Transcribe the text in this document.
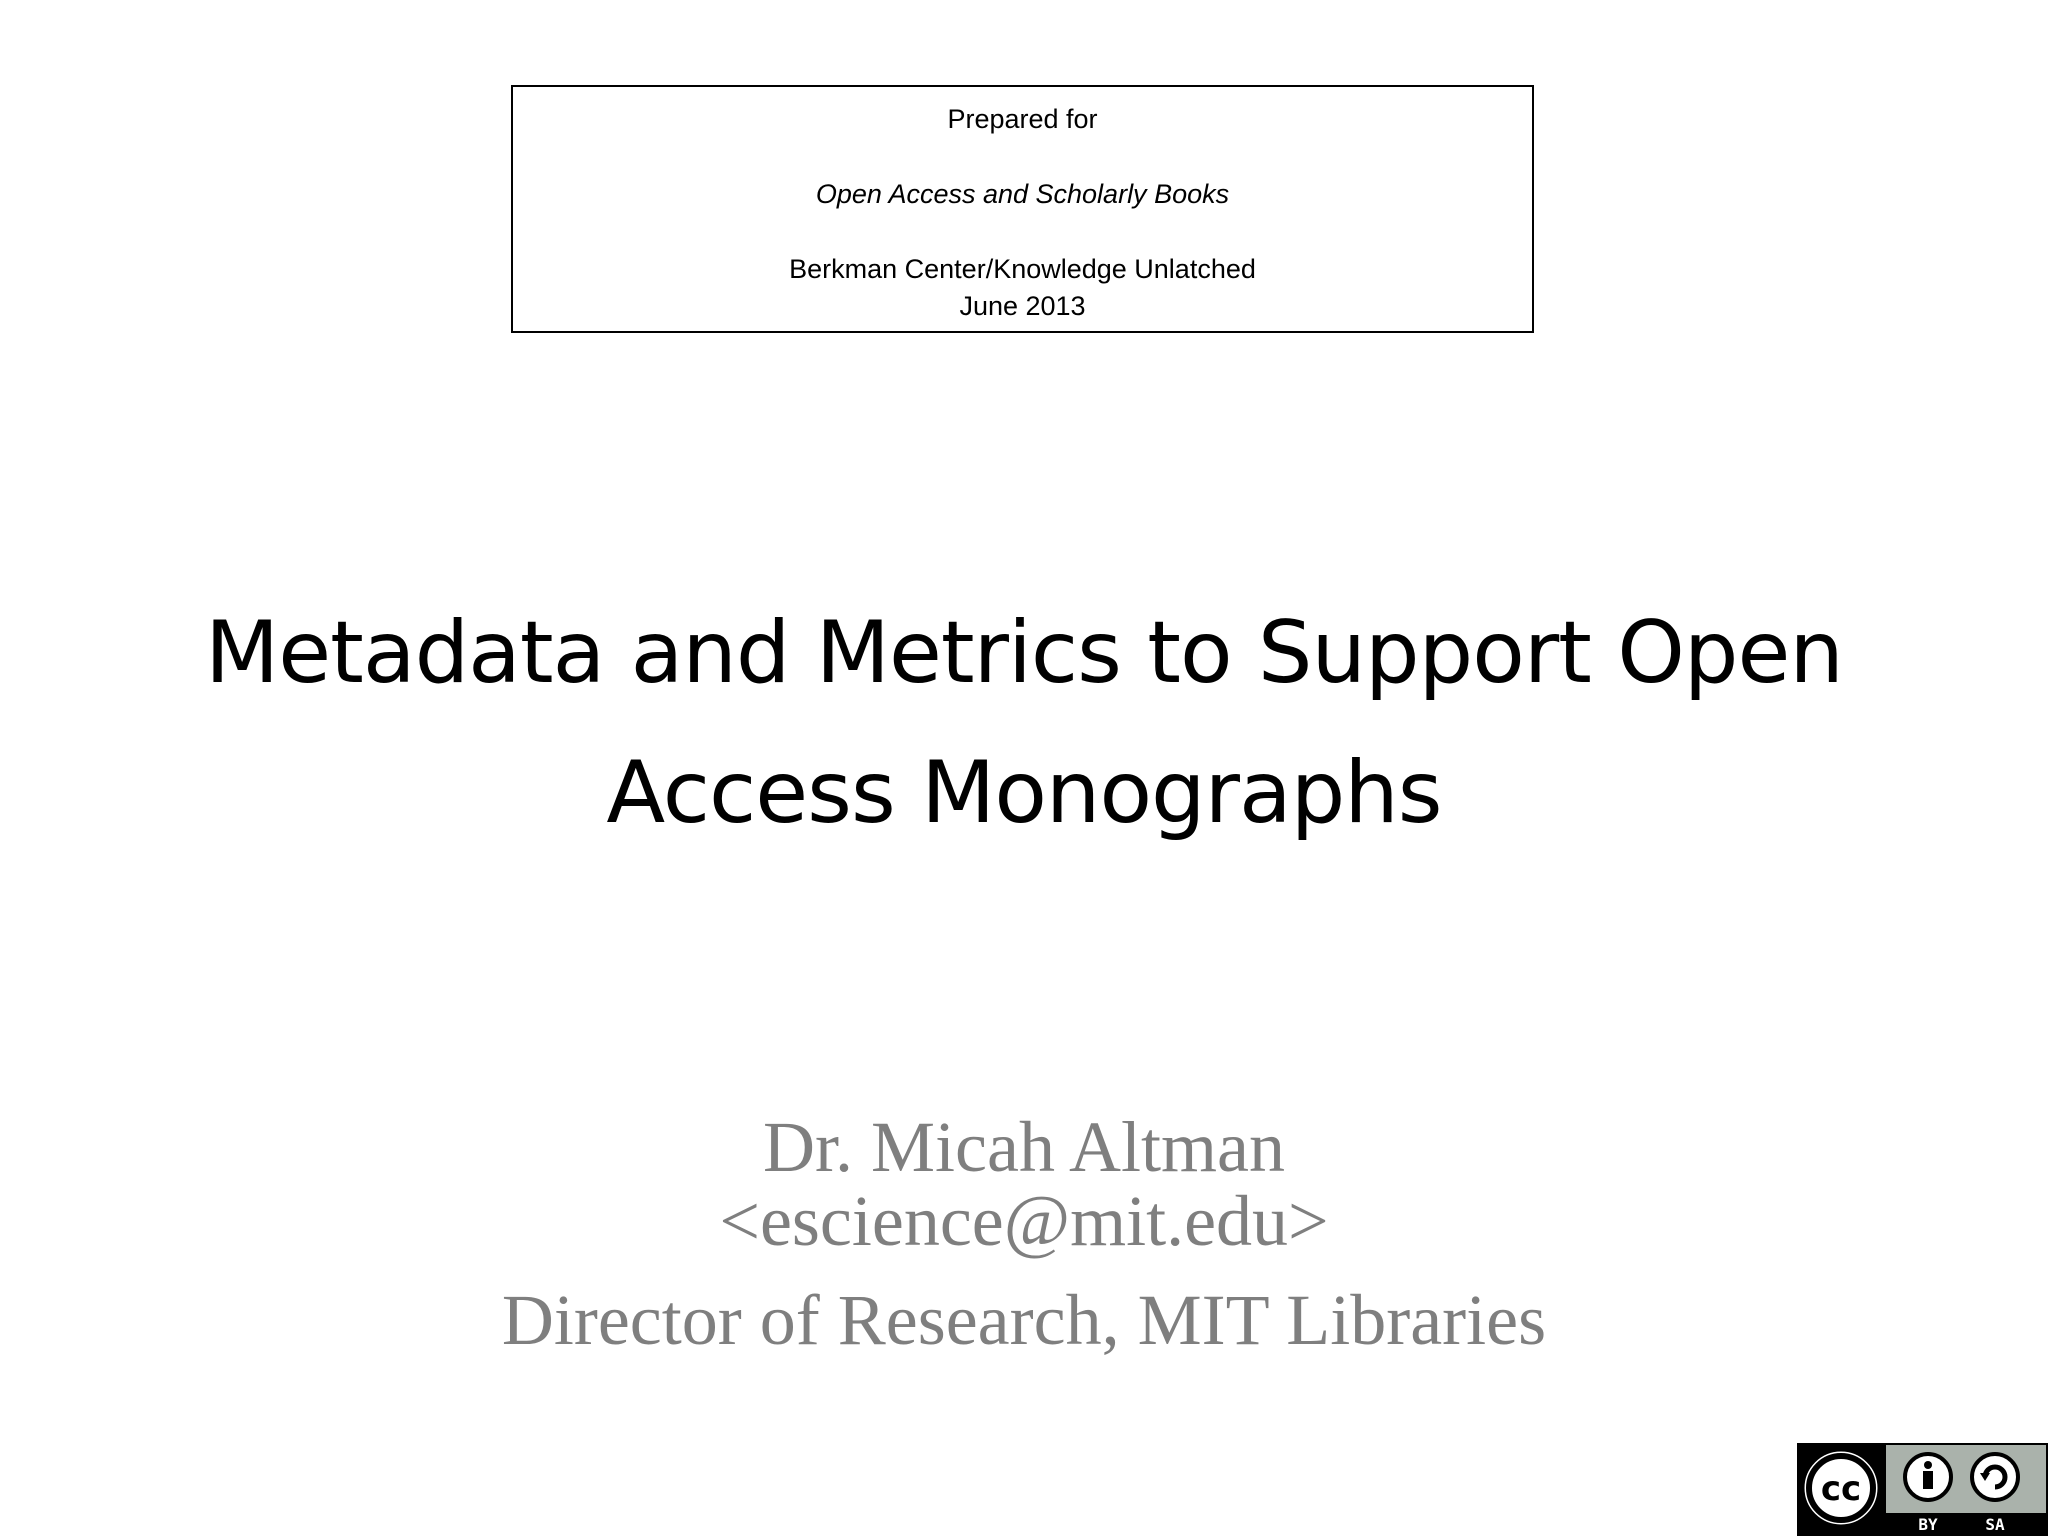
Prepared for
Open Access and Scholarly Books
Berkman Center/Knowledge Unlatched
June 2013
Metadata and Metrics to Support Open
Access Monographs
Dr. Micah Altman
<escience@mit.edu>
Director of Research, MIT Libraries
cc
BY	SA
